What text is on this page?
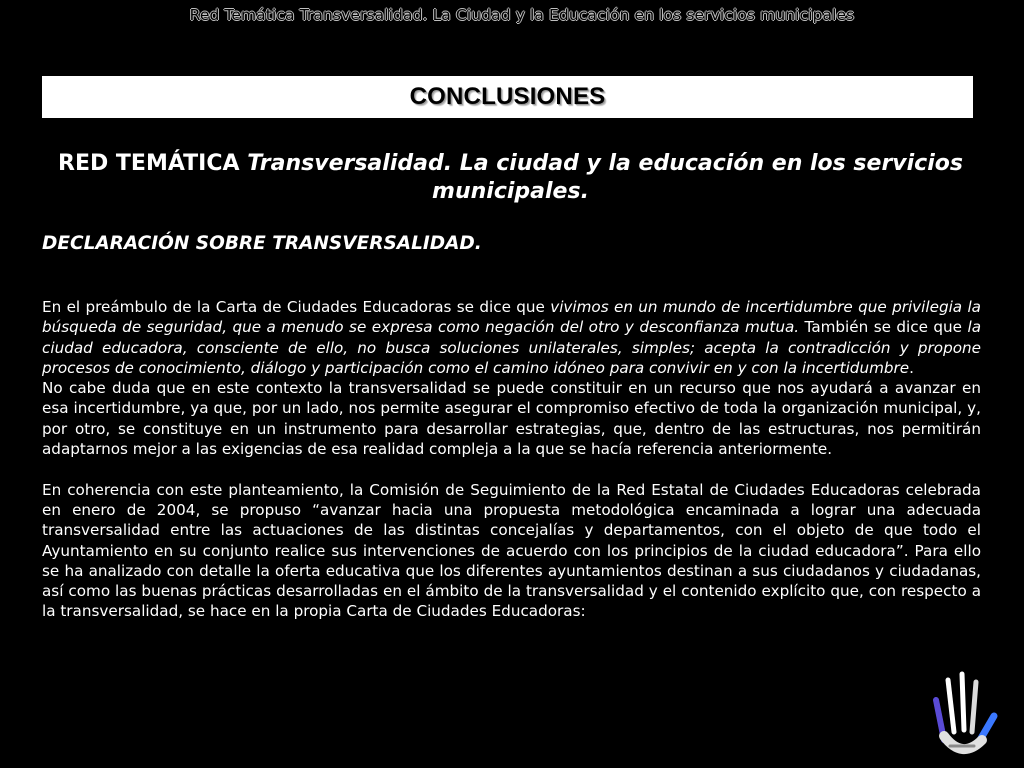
Red Temática Transversalidad. La Ciudad y la Educación en los servicios municipales
CONCLUSIONES
RED TEMÁTICA Transversalidad. La ciudad y la educación en los servicios municipales.
DECLARACIÓN SOBRE TRANSVERSALIDAD.

En el preámbulo de la Carta de Ciudades Educadoras se dice que vivimos en un mundo de incertidumbre que privilegia la búsqueda de seguridad, que a menudo se expresa como negación del otro y desconfianza mutua. También se dice que la ciudad educadora, consciente de ello, no busca soluciones unilaterales, simples; acepta la contradicción y propone procesos de conocimiento, diálogo y participación como el camino idóneo para convivir en y con la incertidumbre.

No cabe duda que en este contexto la transversalidad se puede constituir en un recurso que nos ayudará a avanzar en esa incertidumbre, ya que, por un lado, nos permite asegurar el compromiso efectivo de toda la organización municipal, y, por otro, se constituye en un instrumento para desarrollar estrategias, que, dentro de las estructuras, nos permitirán adaptarnos mejor a las exigencias de esa realidad compleja a la que se hacía referencia anteriormente.

En coherencia con este planteamiento, la Comisión de Seguimiento de la Red Estatal de Ciudades Educadoras celebrada en enero de 2004, se propuso “avanzar hacia una propuesta metodológica encaminada a lograr una adecuada transversalidad entre las actuaciones de las distintas concejalías y departamentos, con el objeto de que todo el Ayuntamiento en su conjunto realice sus intervenciones de acuerdo con los principios de la ciudad educadora”. Para ello se ha analizado con detalle la oferta educativa que los diferentes ayuntamientos destinan a sus ciudadanos y ciudadanas, así como las buenas prácticas desarrolladas en el ámbito de la transversalidad y el contenido explícito que, con respecto a la transversalidad, se hace en la propia Carta de Ciudades Educadoras:
